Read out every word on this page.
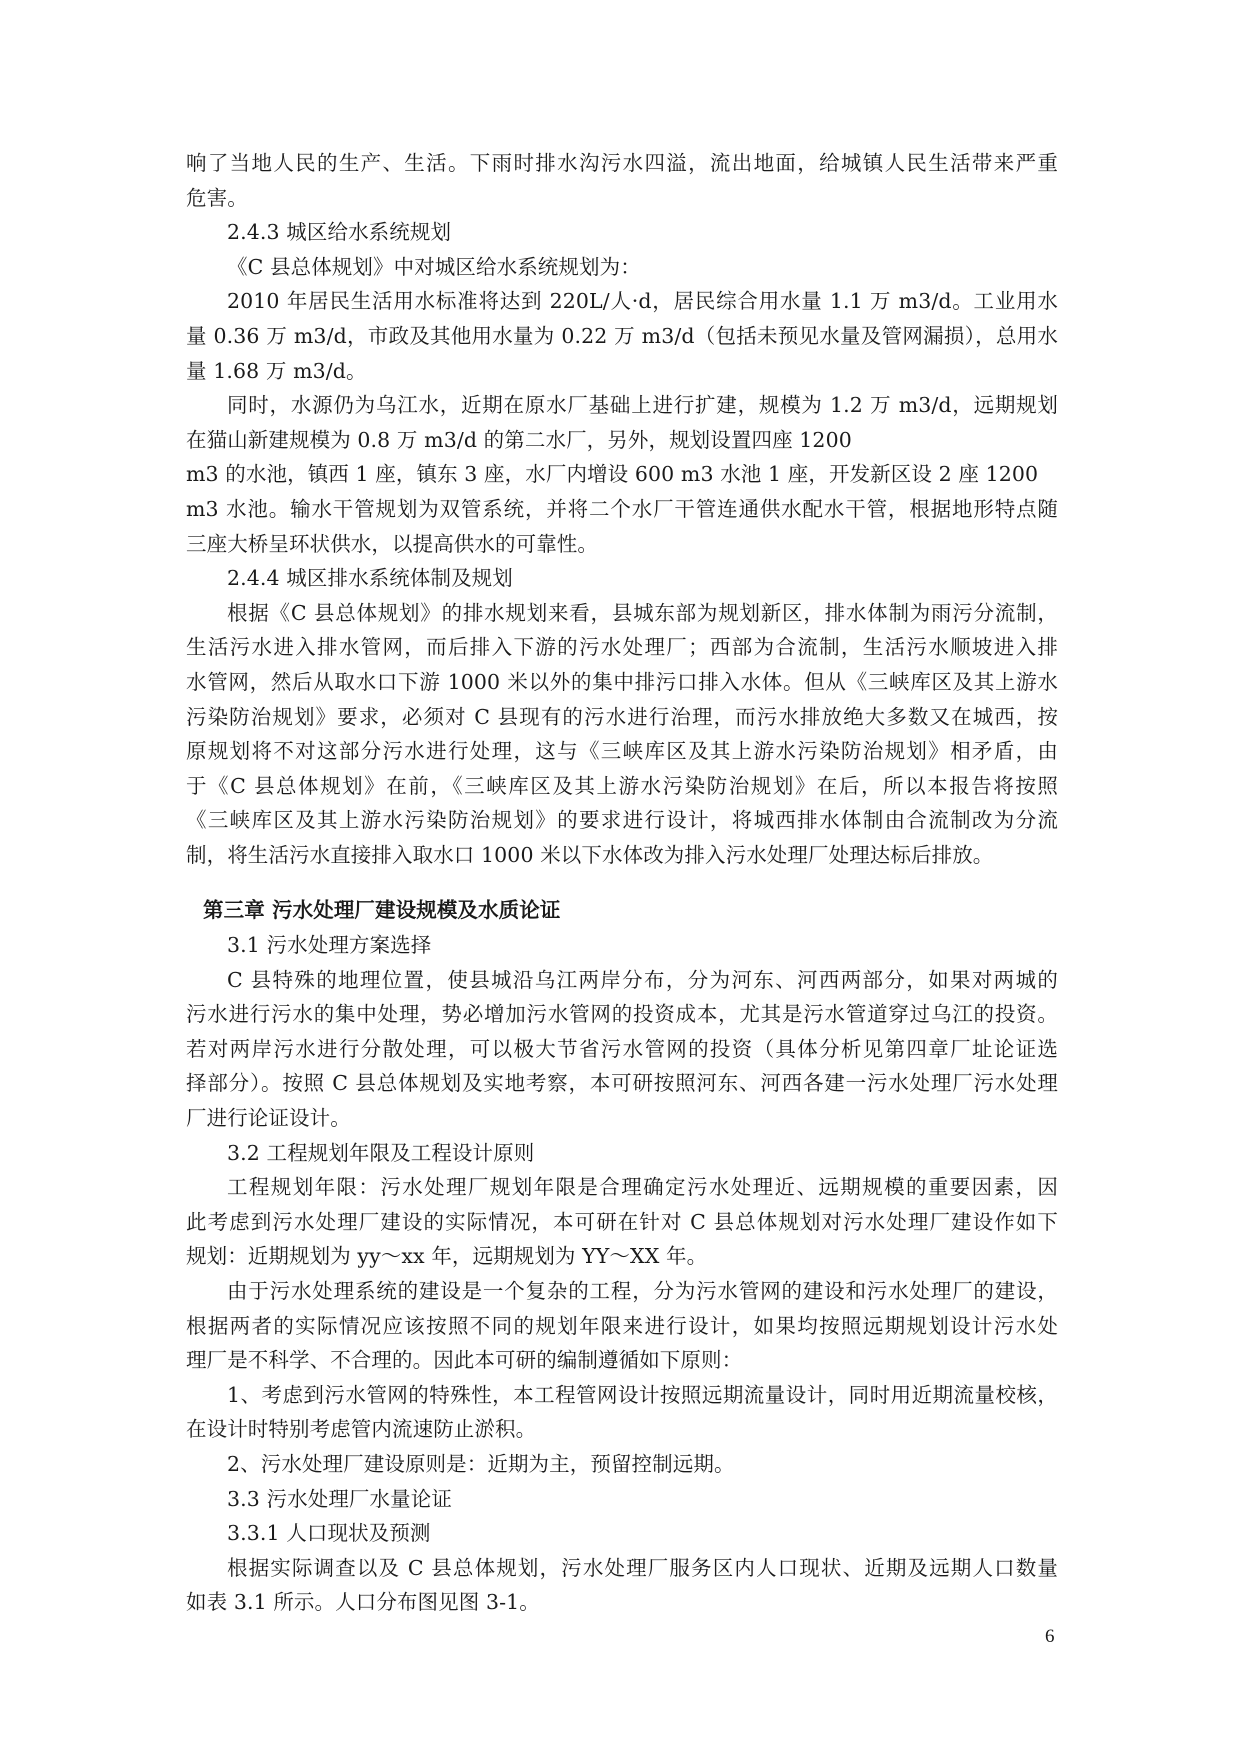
响了当地人民的生产、生活。下雨时排水沟污水四溢，流出地面，给城镇人民生活带来严重
危害。
2.4.3 城区给水系统规划
《C 县总体规划》中对城区给水系统规划为：
2010 年居民生活用水标准将达到 220L/人·d，居民综合用水量 1.1 万 m3/d。工业用水
量 0.36 万 m3/d，市政及其他用水量为 0.22 万 m3/d（包括未预见水量及管网漏损），总用水
量 1.68 万 m3/d。
同时，水源仍为乌江水，近期在原水厂基础上进行扩建，规模为 1.2 万 m3/d，远期规划
在猫山新建规模为 0.8 万 m3/d 的第二水厂，另外，规划设置四座 1200
m3 的水池，镇西 1 座，镇东 3 座，水厂内增设 600 m3 水池 1 座，开发新区设 2 座 1200
m3 水池。输水干管规划为双管系统，并将二个水厂干管连通供水配水干管，根据地形特点随
三座大桥呈环状供水，以提高供水的可靠性。
2.4.4 城区排水系统体制及规划
根据《C 县总体规划》的排水规划来看，县城东部为规划新区，排水体制为雨污分流制，
生活污水进入排水管网，而后排入下游的污水处理厂；西部为合流制，生活污水顺坡进入排
水管网，然后从取水口下游 1000 米以外的集中排污口排入水体。但从《三峡库区及其上游水
污染防治规划》要求，必须对 C 县现有的污水进行治理，而污水排放绝大多数又在城西，按
原规划将不对这部分污水进行处理，这与《三峡库区及其上游水污染防治规划》相矛盾，由
于《C 县总体规划》在前，《三峡库区及其上游水污染防治规划》在后，所以本报告将按照
《三峡库区及其上游水污染防治规划》的要求进行设计，将城西排水体制由合流制改为分流
制，将生活污水直接排入取水口 1000 米以下水体改为排入污水处理厂处理达标后排放。
第三章 污水处理厂建设规模及水质论证
3.1 污水处理方案选择
C 县特殊的地理位置，使县城沿乌江两岸分布，分为河东、河西两部分，如果对两城的
污水进行污水的集中处理，势必增加污水管网的投资成本，尤其是污水管道穿过乌江的投资。
若对两岸污水进行分散处理，可以极大节省污水管网的投资（具体分析见第四章厂址论证选
择部分）。按照 C 县总体规划及实地考察，本可研按照河东、河西各建一污水处理厂污水处理
厂进行论证设计。
3.2 工程规划年限及工程设计原则
工程规划年限：污水处理厂规划年限是合理确定污水处理近、远期规模的重要因素，因
此考虑到污水处理厂建设的实际情况，本可研在针对 C 县总体规划对污水处理厂建设作如下
规划：近期规划为 yy～xx 年，远期规划为 YY～XX 年。
由于污水处理系统的建设是一个复杂的工程，分为污水管网的建设和污水处理厂的建设，
根据两者的实际情况应该按照不同的规划年限来进行设计，如果均按照远期规划设计污水处
理厂是不科学、不合理的。因此本可研的编制遵循如下原则：
1、考虑到污水管网的特殊性，本工程管网设计按照远期流量设计，同时用近期流量校核，
在设计时特别考虑管内流速防止淤积。
2、污水处理厂建设原则是：近期为主，预留控制远期。
3.3 污水处理厂水量论证
3.3.1 人口现状及预测
根据实际调查以及 C 县总体规划，污水处理厂服务区内人口现状、近期及远期人口数量
如表 3.1 所示。人口分布图见图 3-1。
6
